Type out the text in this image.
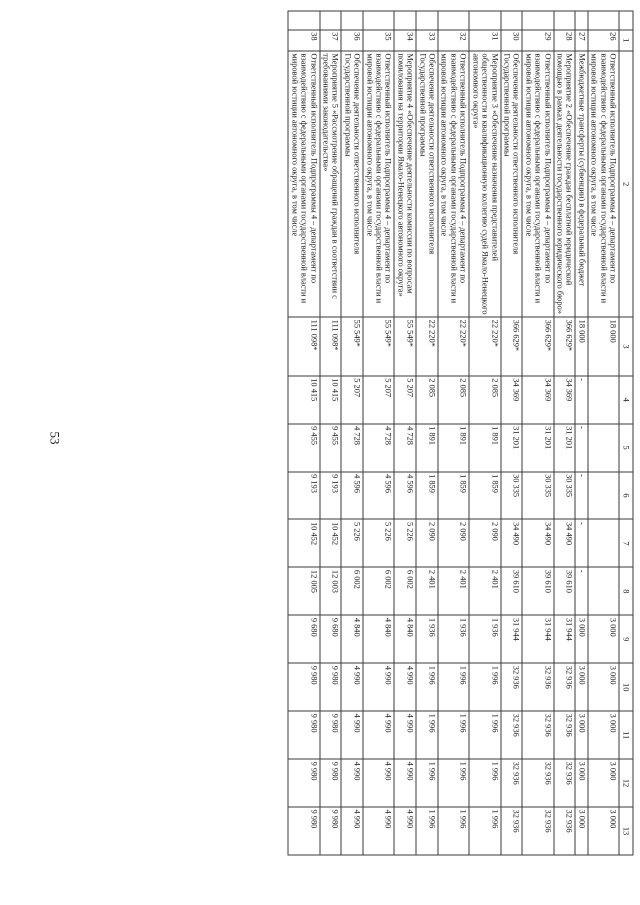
53
	1	2	3	4	5	6	7	8	9	10	11	12	13
	26	Ответственный исполнитель Подпрограммы 4 – департамент по взаимодействию с федеральными органами государственной власти и мировой юстиции автономного округа, в том числе	18 000						3 000	3 000	3 000	3 000	3 000
	27	Межбюджетные трансферты (субвенции) в федеральный бюджет	18 000	-	-	-	-	-	3 000	3 000	3 000	3 000	3 000
	28	Мероприятие 2 «Обеспечение граждан бесплатной юридической помощью в рамках деятельности государственного юридического бюро»	366 629*	34 369	31 201	30 335	34 490	39 610	31 944	32 936	32 936	32 936	32 936
	29	Ответственный исполнитель Подпрограммы 4 – департамент по взаимодействию с федеральными органами государственной власти и мировой юстиции автономного округа, в том числе	366 629*	34 369	31 201	30 335	34 490	39 610	31 944	32 936	32 936	32 936	32 936
	30	Обеспечение деятельности ответственного исполнителя Государственной программы	366 629*	34 369	31 201	30 335	34 490	39 610	31 944	32 936	32 936	32 936	32 936
	31	Мероприятие 3 «Обеспечение назначения представителей общественности в квалификационную коллегию судей Ямало-Ненецкого автономного округа»	22 220*	2 085	1 891	1 859	2 090	2 401	1 936	1 996	1 996	1 996	1 996
	32	Ответственный исполнитель Подпрограммы 4 – департамент по взаимодействию с федеральными органами государственной власти и мировой юстиции автономного округа, в том числе	22 220*	2 085	1 891	1 859	2 090	2 401	1 936	1 996	1 996	1 996	1 996
	33	Обеспечение деятельности ответственного исполнителя Государственной программы	22 220*	2 085	1 891	1 859	2 090	2 401	1 936	1 996	1 996	1 996	1 996
	34	Мероприятие 4 «Обеспечение деятельности комиссии по вопросам помилования на территории Ямало-Ненецкого автономного округа»	55 549*	5 207	4 728	4 596	5 226	6 002	4 840	4 990	4 990	4 990	4 990
	35	Ответственный исполнитель Подпрограммы 4 – департамент по взаимодействию с федеральными органами государственной власти и мировой юстиции автономного округа, в том числе	55 549*	5 207	4 728	4 596	5 226	6 002	4 840	4 990	4 990	4 990	4 990
	36	Обеспечение деятельности ответственного исполнителя Государственной программы	55 549*	5 207	4 728	4 596	5 226	6 002	4 840	4 990	4 990	4 990	4 990
	37	Мероприятие 5 «Рассмотрение обращений граждан в соответствии с требованиями законодательства»	111 098*	10 415	9 455	9 193	10 452	12 003	9 680	9 980	9 980	9 980	9 980
	38	Ответственный исполнитель Подпрограммы 4 – департамент по взаимодействию с федеральными органами государственной власти и мировой юстиции автономного округа, в том числе	111 098*	10 415	9 455	9 193	10 452	12 005	9 680	9 980	9 980	9 980	9 980
